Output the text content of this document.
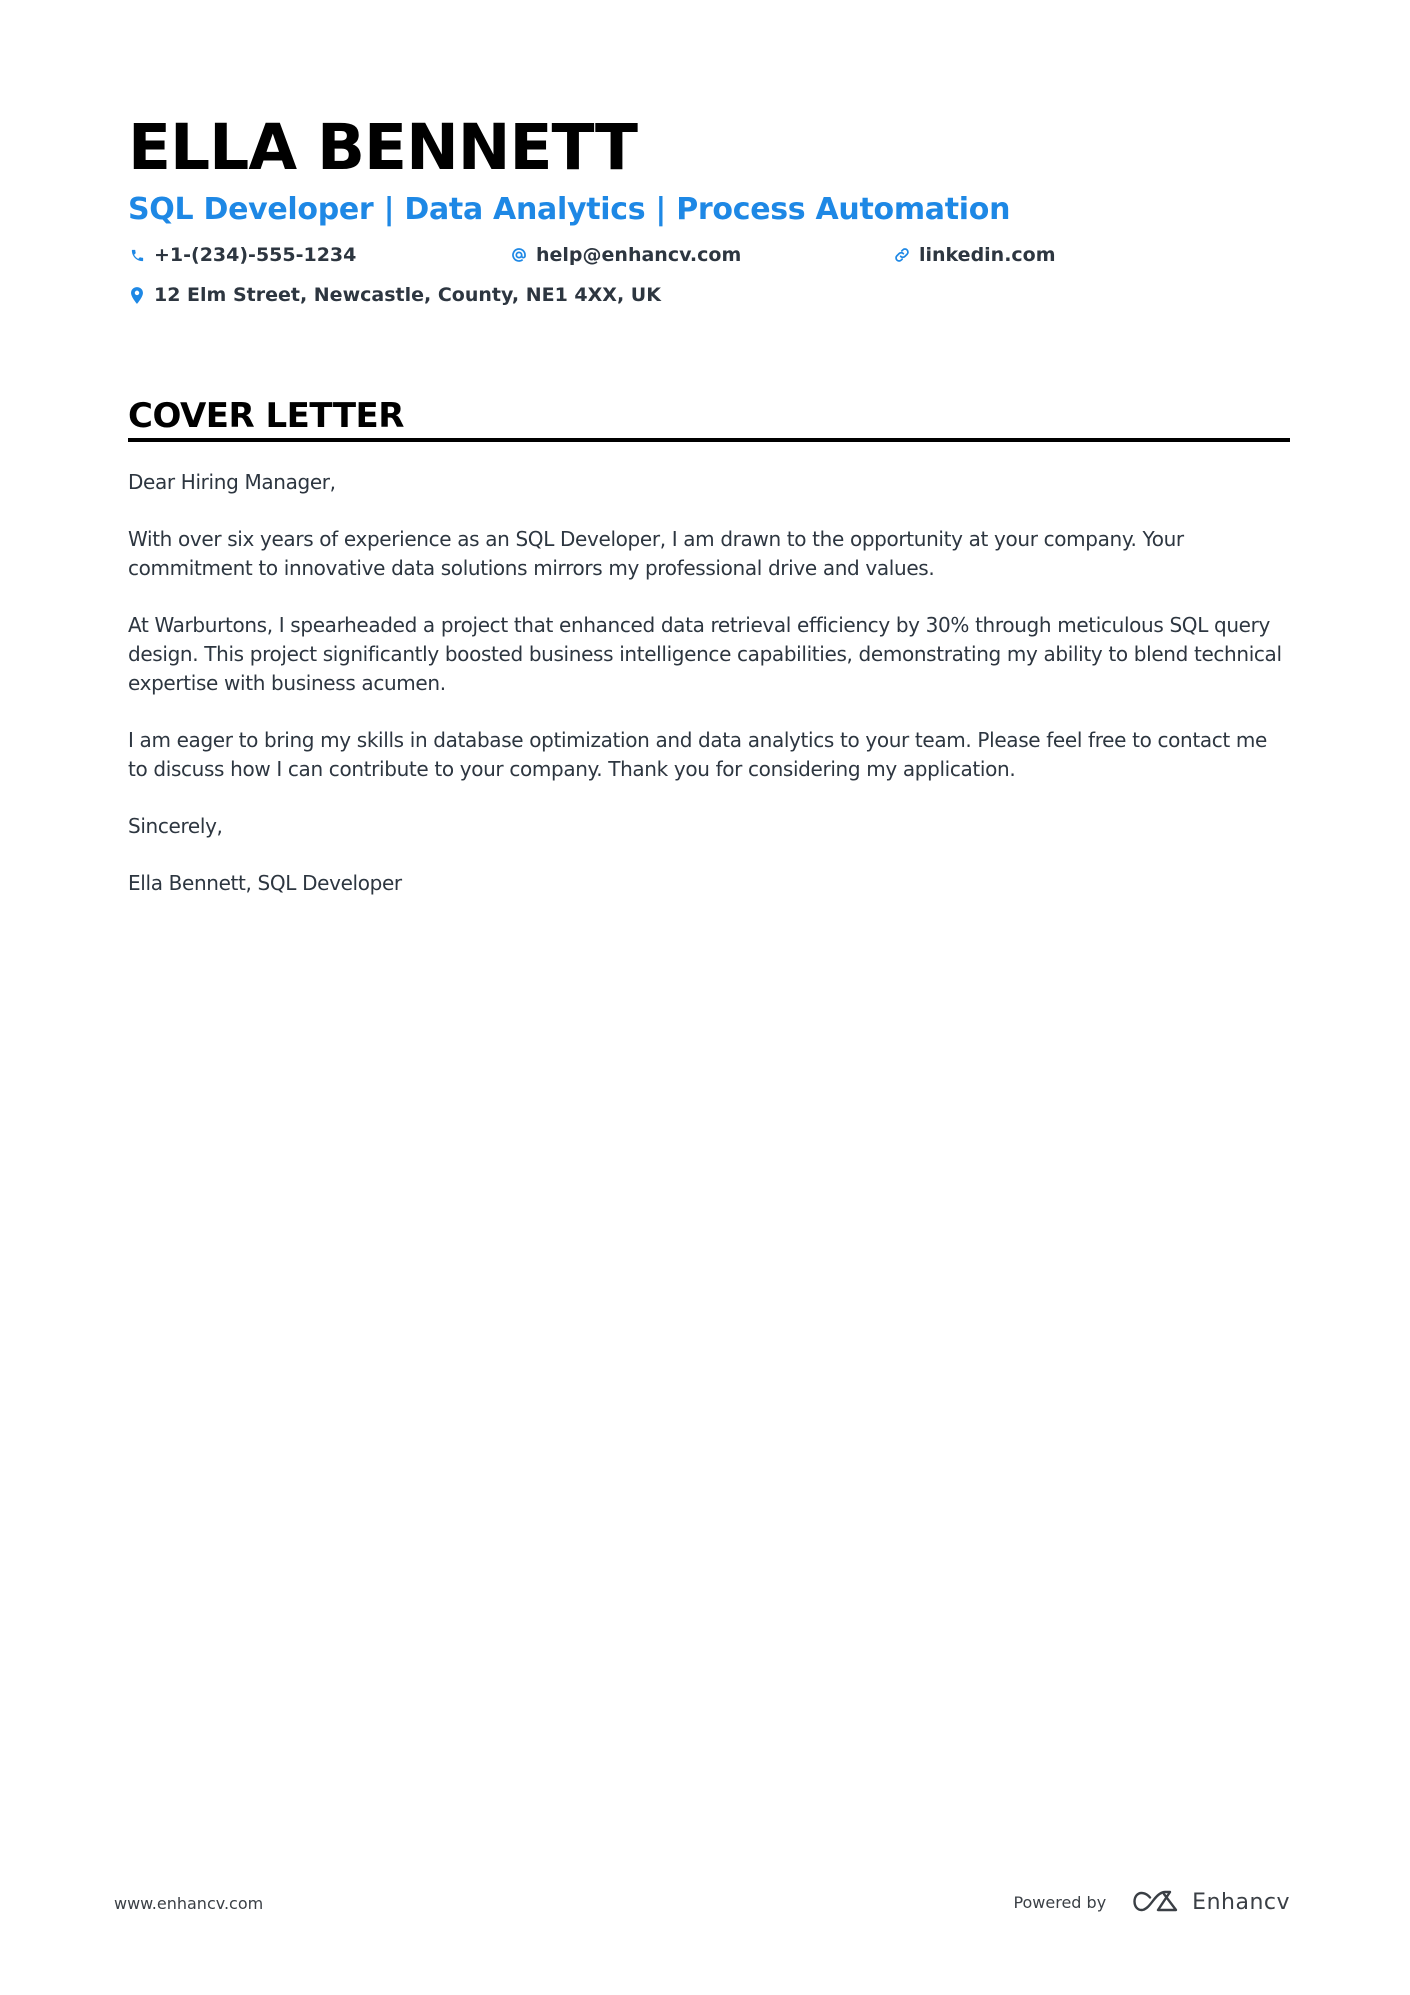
ELLA BENNETT
SQL Developer | Data Analytics | Process Automation
+1-(234)-555-1234	help@enhancv.com	linkedin.com
12 Elm Street, Newcastle, County, NE1 4XX, UK
COVER LETTER

Dear Hiring Manager,

With over six years of experience as an SQL Developer, I am drawn to the opportunity at your company. Your commitment to innovative data solutions mirrors my professional drive and values.

At Warburtons, I spearheaded a project that enhanced data retrieval efficiency by 30% through meticulous SQL query design. This project significantly boosted business intelligence capabilities, demonstrating my ability to blend technical expertise with business acumen.

I am eager to bring my skills in database optimization and data analytics to your team. Please feel free to contact me to discuss how I can contribute to your company. Thank you for considering my application.

Sincerely,

Ella Bennett, SQL Developer

www.enhancv.com	Powered by	Enhancv
